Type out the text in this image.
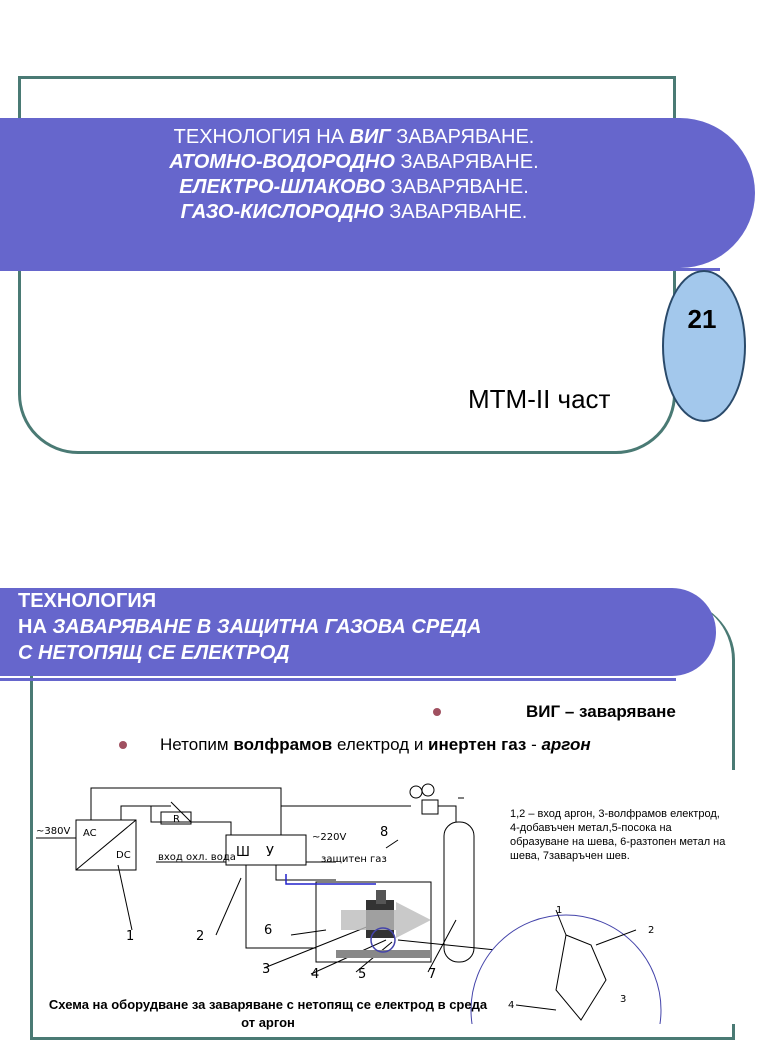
ТЕХНОЛОГИЯ НА ВИГ ЗАВАРЯВАНЕ.
АТОМНО-ВОДОРОДНО ЗАВАРЯВАНЕ.
ЕЛЕКТРО-ШЛАКОВО ЗАВАРЯВАНЕ.
ГАЗО-КИСЛОРОДНО ЗАВАРЯВАНЕ.
21
МТМ-ІІ част
ТЕХНОЛОГИЯ
НА ЗАВАРЯВАНЕ В ЗАЩИТНА ГАЗОВА СРЕДА
С НЕТОПЯЩ СЕ ЕЛЕКТРОД
ВИГ – заваряване
Нетопим волфрамов електрод и инертен газ - аргон
1
2
3
4
~380V AC
DC
R
Ш У
~220V
вход охл. вода	защитен газ
1	2
3	4	5
6
7
8
1,2 – вход аргон, 3-волфрамов електрод, 4-добавъчен метал,5-посока на образуване на шева, 6-разтопен метал на шева, 7заваръчен шев.
Схема на оборудване за заваряване с нетопящ се електрод в среда от аргон
